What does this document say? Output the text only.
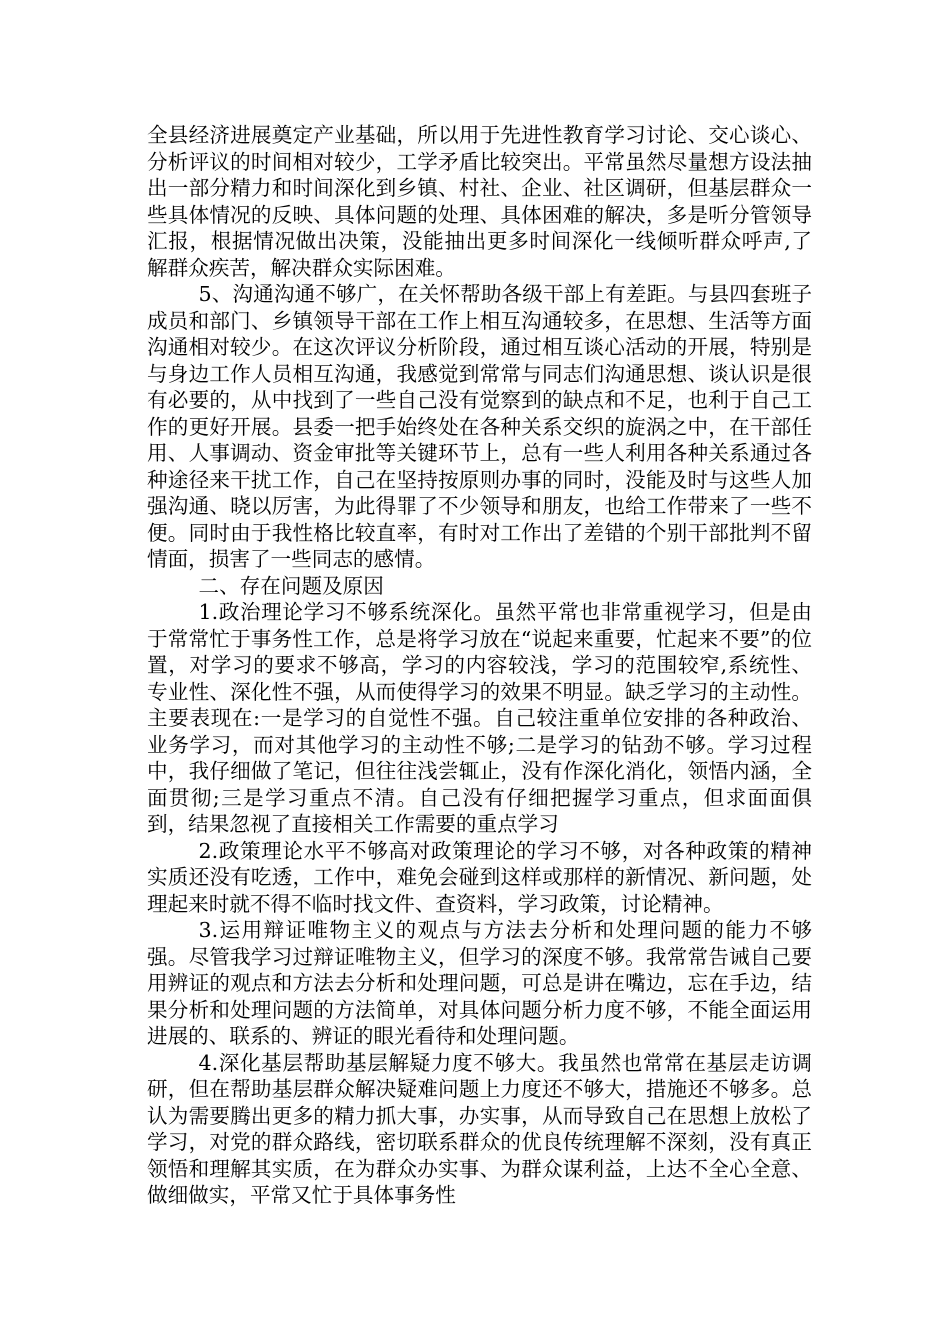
全县经济进展奠定产业基础，所以用于先进性教育学习讨论、交心谈心、分析评议的时间相对较少，工学矛盾比较突出。平常虽然尽量想方设法抽出一部分精力和时间深化到乡镇、村社、企业、社区调研，但基层群众一些具体情况的反映、具体问题的处理、具体困难的解决，多是听分管领导汇报，根据情况做出决策，没能抽出更多时间深化一线倾听群众呼声,了解群众疾苦，解决群众实际困难。

5、沟通沟通不够广，在关怀帮助各级干部上有差距。与县四套班子成员和部门、乡镇领导干部在工作上相互沟通较多，在思想、生活等方面沟通相对较少。在这次评议分析阶段，通过相互谈心活动的开展，特别是与身边工作人员相互沟通，我感觉到常常与同志们沟通思想、谈认识是很有必要的，从中找到了一些自己没有觉察到的缺点和不足，也利于自己工作的更好开展。县委一把手始终处在各种关系交织的旋涡之中，在干部任用、人事调动、资金审批等关键环节上，总有一些人利用各种关系通过各种途径来干扰工作，自己在坚持按原则办事的同时，没能及时与这些人加强沟通、晓以厉害，为此得罪了不少领导和朋友，也给工作带来了一些不便。同时由于我性格比较直率，有时对工作出了差错的个别干部批判不留情面，损害了一些同志的感情。

二、存在问题及原因

1.政治理论学习不够系统深化。虽然平常也非常重视学习，但是由于常常忙于事务性工作，总是将学习放在“说起来重要，忙起来不要”的位置，对学习的要求不够高，学习的内容较浅，学习的范围较窄,系统性、专业性、深化性不强，从而使得学习的效果不明显。缺乏学习的主动性。主要表现在:一是学习的自觉性不强。自己较注重单位安排的各种政治、业务学习，而对其他学习的主动性不够;二是学习的钻劲不够。学习过程中，我仔细做了笔记，但往往浅尝辄止，没有作深化消化，领悟内涵，全面贯彻;三是学习重点不清。自己没有仔细把握学习重点，但求面面俱到，结果忽视了直接相关工作需要的重点学习

2.政策理论水平不够高对政策理论的学习不够，对各种政策的精神实质还没有吃透，工作中，难免会碰到这样或那样的新情况、新问题，处理起来时就不得不临时找文件、查资料，学习政策，讨论精神。

3.运用辩证唯物主义的观点与方法去分析和处理问题的能力不够强。尽管我学习过辩证唯物主义，但学习的深度不够。我常常告诫自己要用辨证的观点和方法去分析和处理问题，可总是讲在嘴边，忘在手边，结果分析和处理问题的方法简单，对具体问题分析力度不够，不能全面运用进展的、联系的、辨证的眼光看待和处理问题。

4.深化基层帮助基层解疑力度不够大。我虽然也常常在基层走访调研，但在帮助基层群众解决疑难问题上力度还不够大，措施还不够多。总认为需要腾出更多的精力抓大事，办实事，从而导致自己在思想上放松了学习，对党的群众路线，密切联系群众的优良传统理解不深刻，没有真正领悟和理解其实质，在为群众办实事、为群众谋利益，上达不全心全意、做细做实，平常又忙于具体事务性
